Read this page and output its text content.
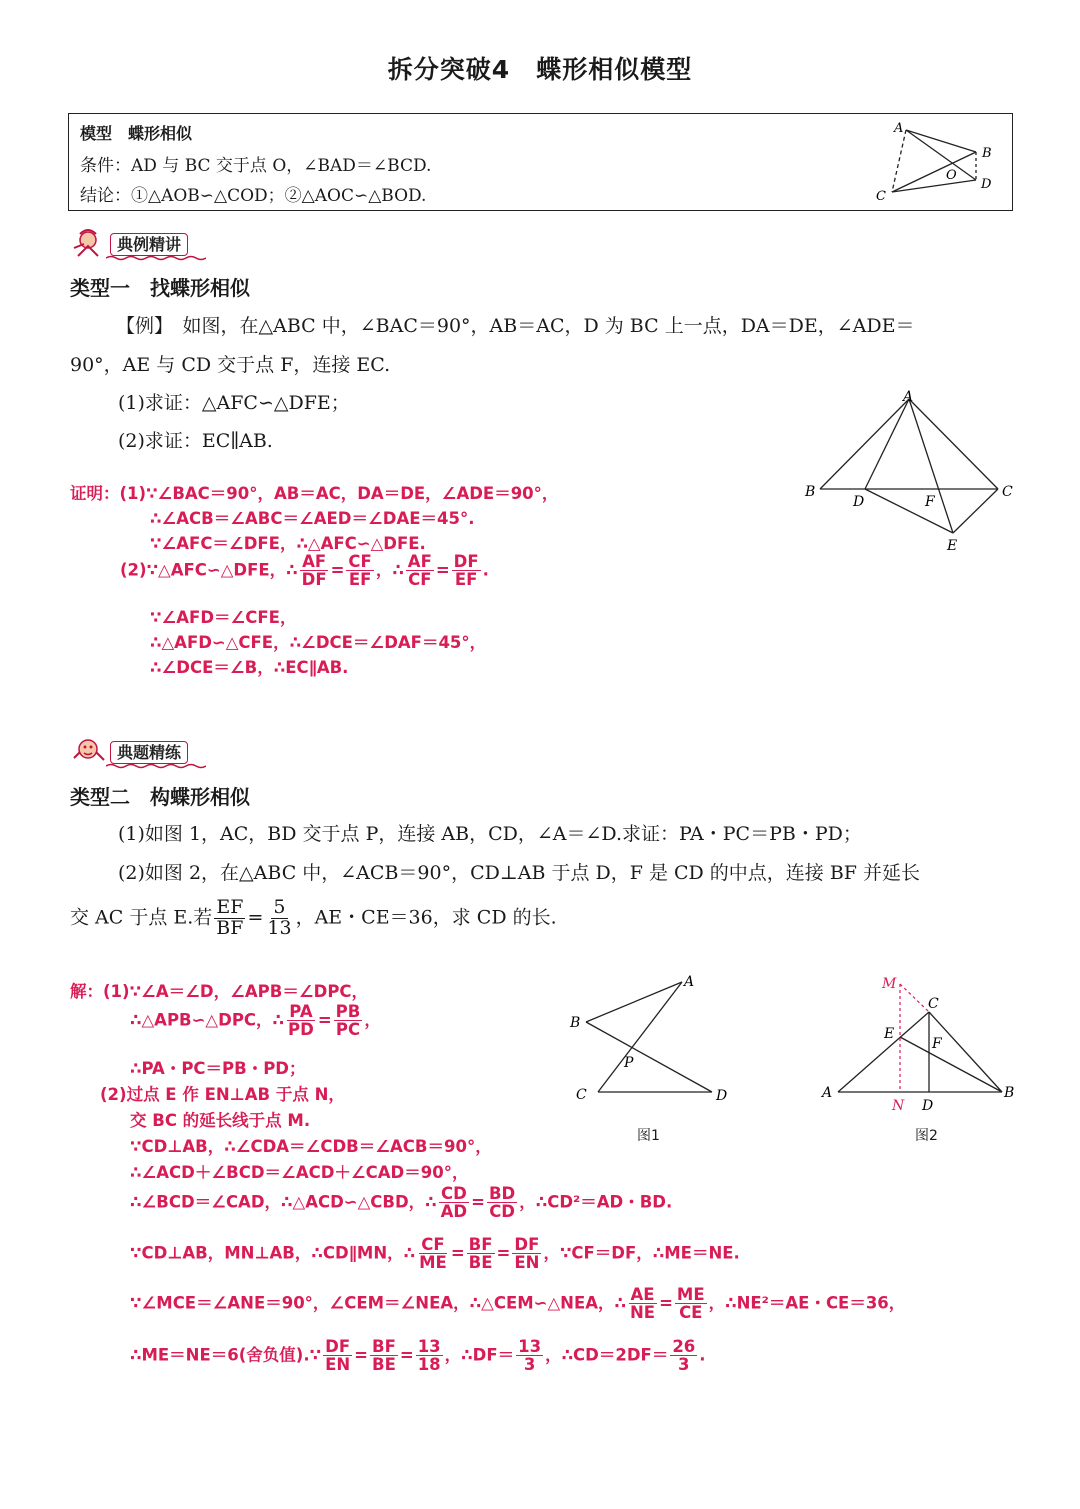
拆分突破4　蝶形相似模型
模型　蝶形相似
条件：AD 与 BC 交于点 O，∠BAD＝∠BCD.
结论：①△AOB∽△COD；②△AOC∽△BOD.
A
B
C
D
O
典例精讲
类型一　找蝶形相似
【例】　如图，在△ABC 中，∠BAC＝90°，AB＝AC，D 为 BC 上一点，DA＝DE，∠ADE＝
90°，AE 与 CD 交于点 F，连接 EC.
(1)求证：△AFC∽△DFE；
(2)求证：EC∥AB.
A
B	C
D
E
F
证明：(1)∵∠BAC＝90°，AB＝AC，DA＝DE，∠ADE＝90°，
∴∠ACB＝∠ABC＝∠AED＝∠DAE＝45°.
∵∠AFC＝∠DFE，∴△AFC∽△DFE.
(2)∵△AFC∽△DFE，∴ $\frac{AF}{DF} = \frac{CF}{EF}$ ，∴ $\frac{AF}{CF} = \frac{DF}{EF}$ .
∵∠AFD＝∠CFE，
∴△AFD∽△CFE，∴∠DCE＝∠DAF＝45°，
∴∠DCE＝∠B，∴EC∥AB.
典题精练
类型二　构蝶形相似
(1)如图 1，AC，BD 交于点 P，连接 AB，CD，∠A＝∠D.求证：PA・PC＝PB・PD；
(2)如图 2，在△ABC 中，∠ACB＝90°，CD⊥AB 于点 D，F 是 CD 的中点，连接 BF 并延长
交 AC 于点 E.若 $\frac{EF}{BF} = \frac{5}{13}$ ，AE・CE＝36，求 CD 的长.
解：(1)∵∠A＝∠D，∠APB＝∠DPC，
∴△APB∽△DPC，∴ $\frac{PA}{PD} = \frac{PB}{PC}$ ，
∴PA・PC＝PB・PD；
(2)过点 E 作 EN⊥AB 于点 N，
交 BC 的延长线于点 M.
∵CD⊥AB，∴∠CDA＝∠CDB＝∠ACB＝90°，
∴∠ACD＋∠BCD＝∠ACD＋∠CAD＝90°，
∴∠BCD＝∠CAD，∴△ACD∽△CBD，∴ $\frac{CD}{AD} = \frac{BD}{CD}$ ，∴CD²＝AD・BD.
∵CD⊥AB，MN⊥AB，∴CD∥MN，∴ $\frac{CF}{ME} = \frac{BF}{BE} = \frac{DF}{EN}$ ，∵CF＝DF，∴ME＝NE.
∵∠MCE＝∠ANE＝90°，∠CEM＝∠NEA，∴△CEM∽△NEA，∴ $\frac{AE}{NE} = \frac{ME}{CE}$ ，∴NE²＝AE・CE＝36，
∴ME＝NE＝6(舍负值).∵ $\frac{DF}{EN} = \frac{BF}{BE} = \frac{13}{18}$ ，∴DF＝ $\frac{13}{3}$ ，∴CD＝2DF＝ $\frac{26}{3}$ .
A
B
C	D
P
图1
M
C
E
F
A
N D
B
图2
